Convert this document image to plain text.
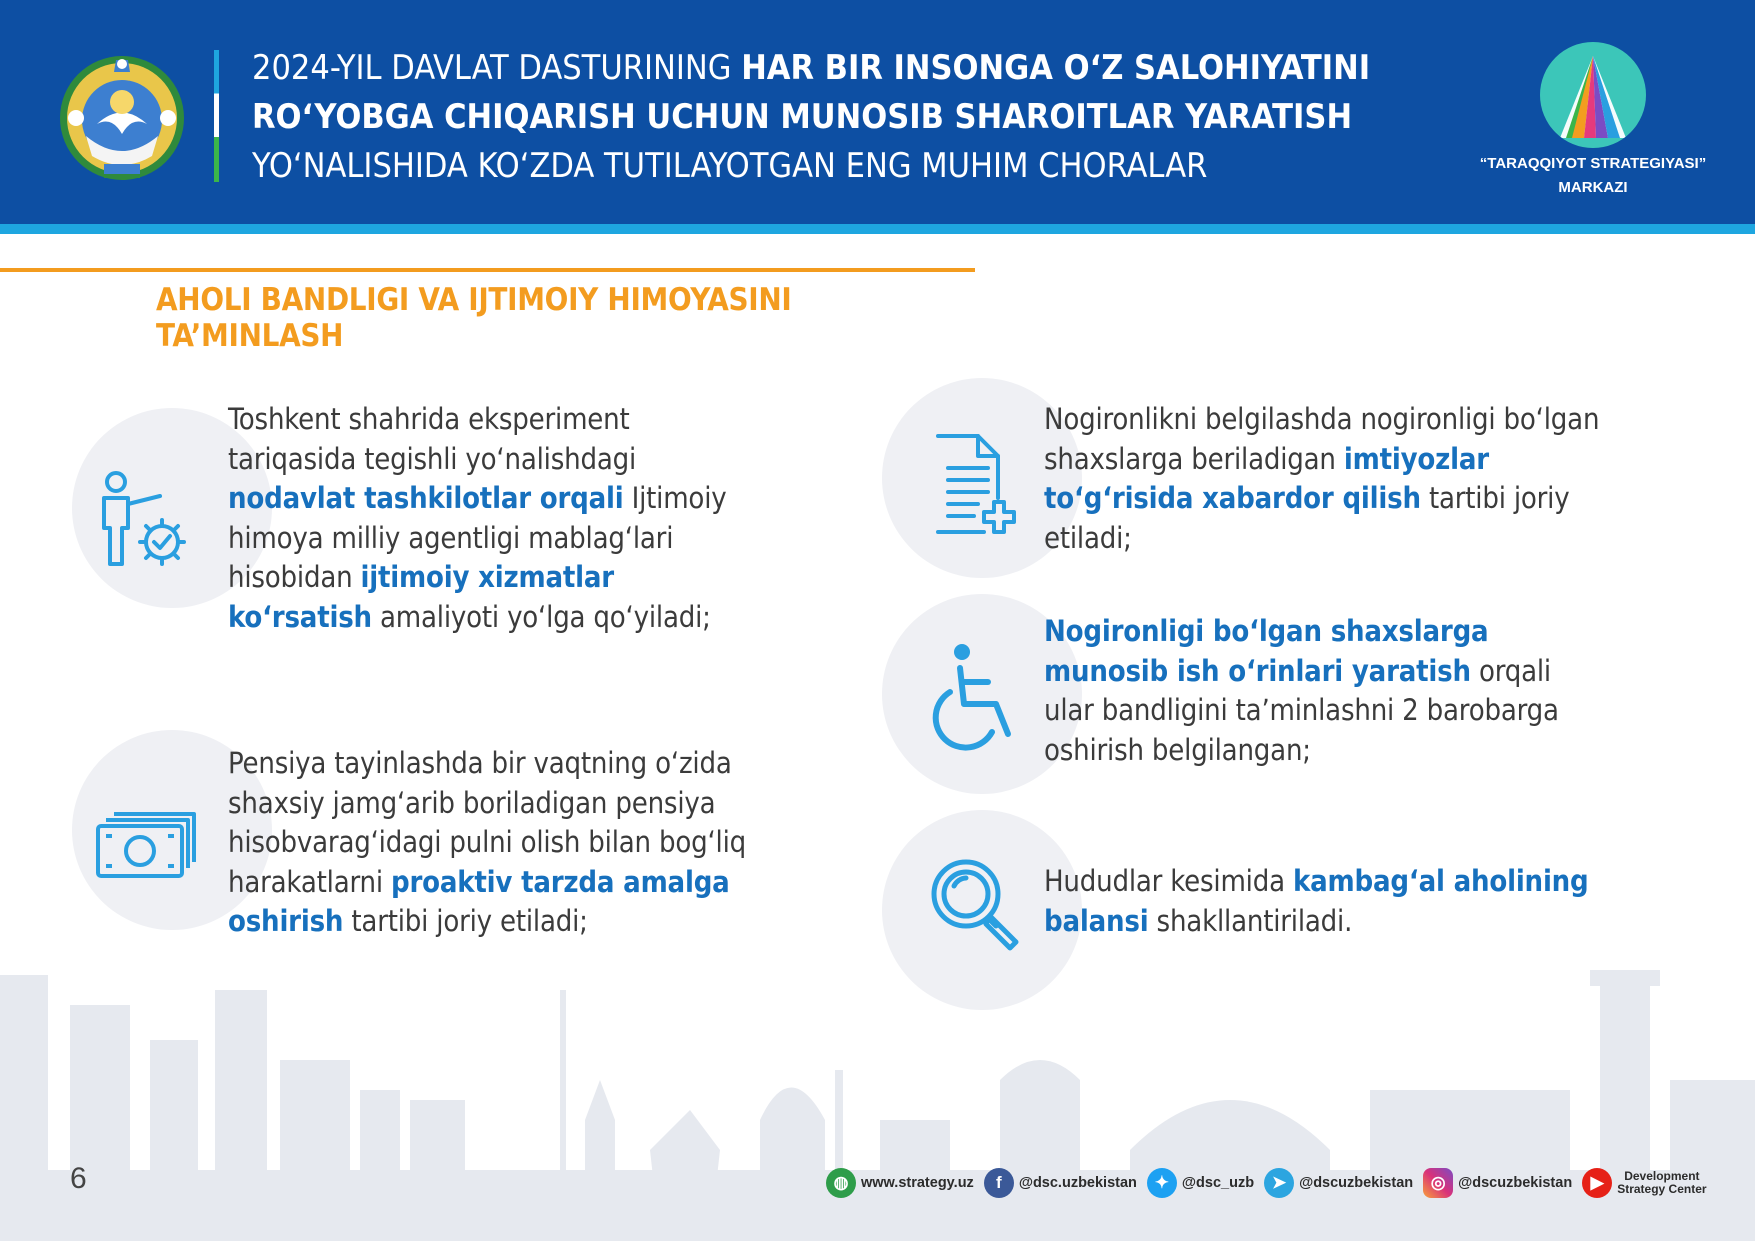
2024-YIL DAVLAT DASTURINING HAR BIR INSONGA O‘Z SALOHIYATINI
RO‘YOBGA CHIQARISH UCHUN MUNOSIB SHAROITLAR YARATISH
YO‘NALISHIDA KO‘ZDA TUTILAYOTGAN ENG MUHIM CHORALAR	“TARAQQIYOT STRATEGIYASI”
MARKAZI
AHOLI BANDLIGI VA IJTIMOIY HIMOYASINI TA’MINLASH
Toshkent shahrida eksperiment tariqasida tegishli yo‘nalishdagi nodavlat tashkilotlar orqali Ijtimoiy himoya milliy agentligi mablag‘lari hisobidan ijtimoiy xizmatlar ko‘rsatish amaliyoti yo‘lga qo‘yiladi;
Pensiya tayinlashda bir vaqtning o‘zida shaxsiy jamg‘arib boriladigan pensiya hisobvarag‘idagi pulni olish bilan bog‘liq harakatlarni proaktiv tarzda amalga oshirish tartibi joriy etiladi;
Nogironlikni belgilashda nogironligi bo‘lgan shaxslarga beriladigan imtiyozlar to‘g‘risida xabardor qilish tartibi joriy etiladi;
Nogironligi bo‘lgan shaxslarga munosib ish o‘rinlari yaratish orqali ular bandligini ta’minlashni 2 barobarga oshirish belgilangan;
Hududlar kesimida kambag‘al aholining balansi shakllantiriladi.
6	◍ www.strategy.uz	f	@dsc.uzbekistan	✦ @dsc_uzb	➤ @dscuzbekistan	◎ @dscuzbekistan	▶	Development
Strategy Center
